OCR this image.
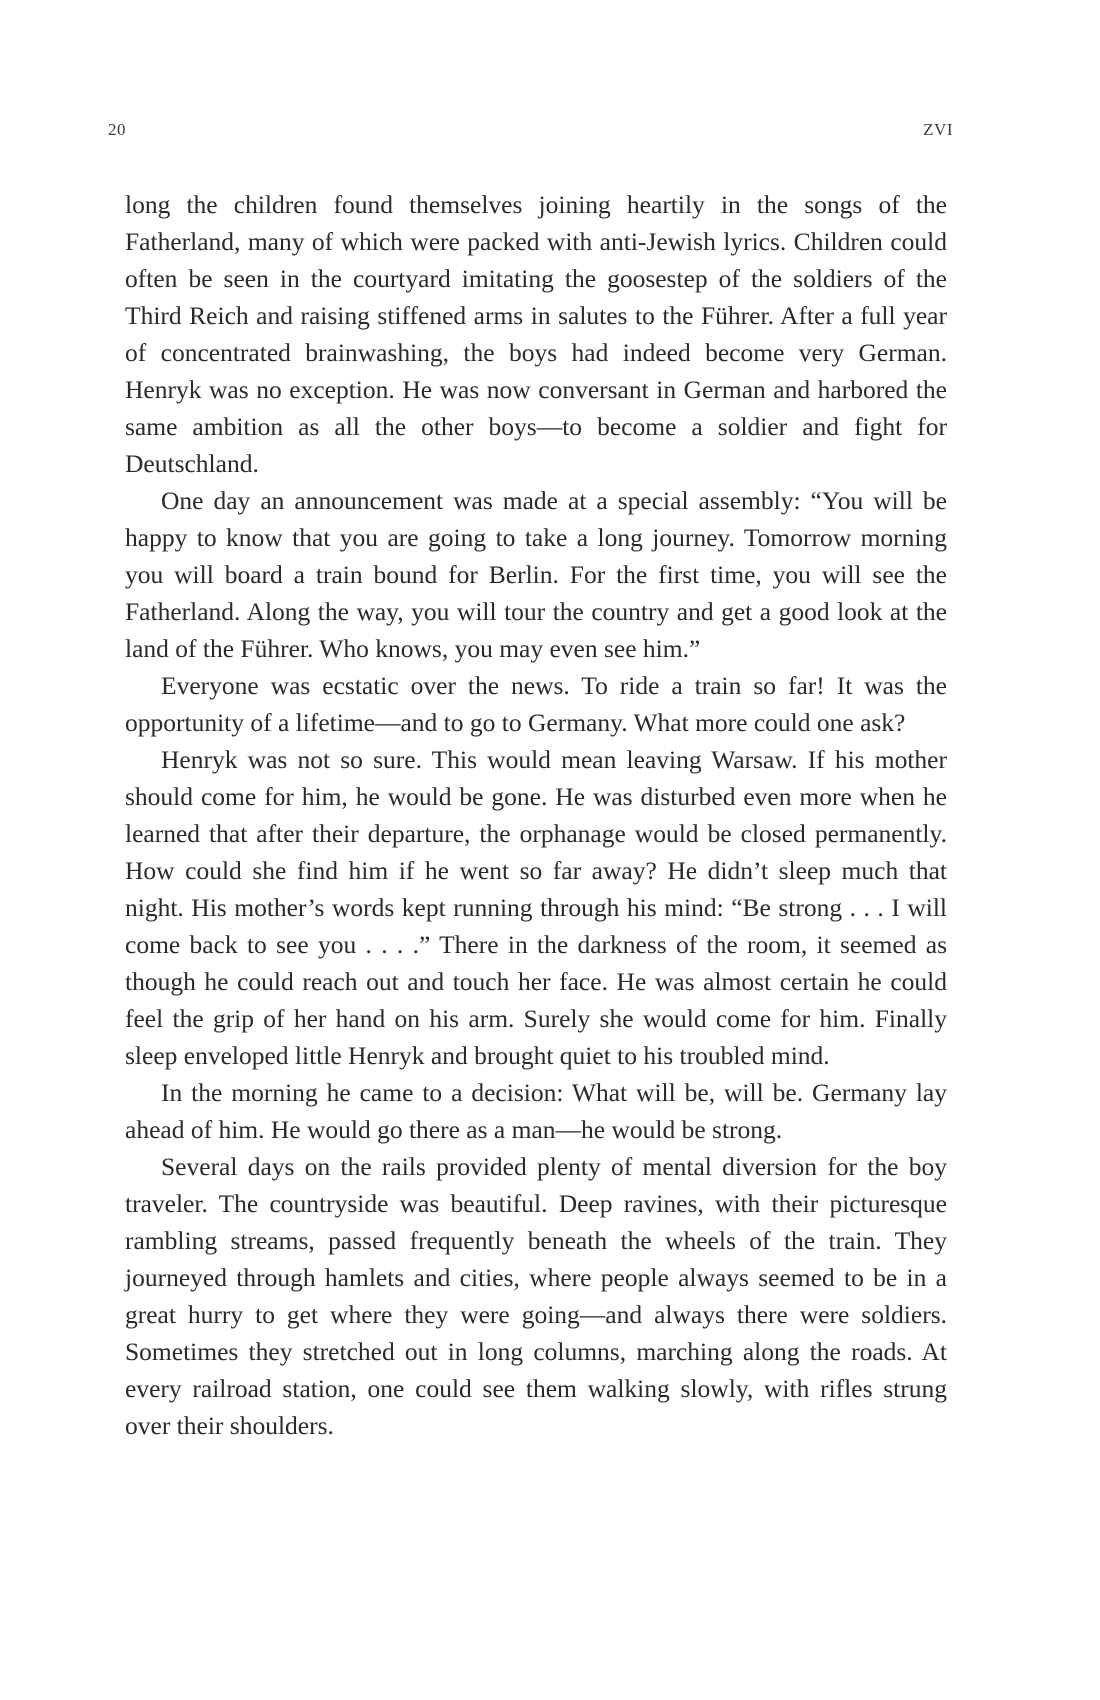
20	ZVI

long the children found themselves joining heartily in the songs of the Fatherland, many of which were packed with anti-Jewish lyrics. Children could often be seen in the courtyard imitating the goosestep of the soldiers of the Third Reich and raising stiffened arms in salutes to the Führer. After a full year of concentrated brainwashing, the boys had indeed become very German. Henryk was no exception. He was now conversant in German and harbored the same ambition as all the other boys—to become a soldier and fight for Deutschland.

One day an announcement was made at a special assembly: “You will be happy to know that you are going to take a long journey. Tomorrow morning you will board a train bound for Berlin. For the first time, you will see the Fatherland. Along the way, you will tour the country and get a good look at the land of the Führer. Who knows, you may even see him.”

Everyone was ecstatic over the news. To ride a train so far! It was the opportunity of a lifetime—and to go to Germany. What more could one ask?

Henryk was not so sure. This would mean leaving Warsaw. If his mother should come for him, he would be gone. He was disturbed even more when he learned that after their departure, the orphanage would be closed permanently. How could she find him if he went so far away? He didn’t sleep much that night. His mother’s words kept running through his mind: “Be strong . . . I will come back to see you . . . .” There in the darkness of the room, it seemed as though he could reach out and touch her face. He was almost certain he could feel the grip of her hand on his arm. Surely she would come for him. Finally sleep enveloped little Henryk and brought quiet to his troubled mind.

In the morning he came to a decision: What will be, will be. Germany lay ahead of him. He would go there as a man—he would be strong.

Several days on the rails provided plenty of mental diversion for the boy traveler. The countryside was beautiful. Deep ravines, with their picturesque rambling streams, passed frequently beneath the wheels of the train. They journeyed through hamlets and cities, where people always seemed to be in a great hurry to get where they were going—and always there were soldiers. Sometimes they stretched out in long columns, marching along the roads. At every railroad station, one could see them walking slowly, with rifles strung over their shoulders.
